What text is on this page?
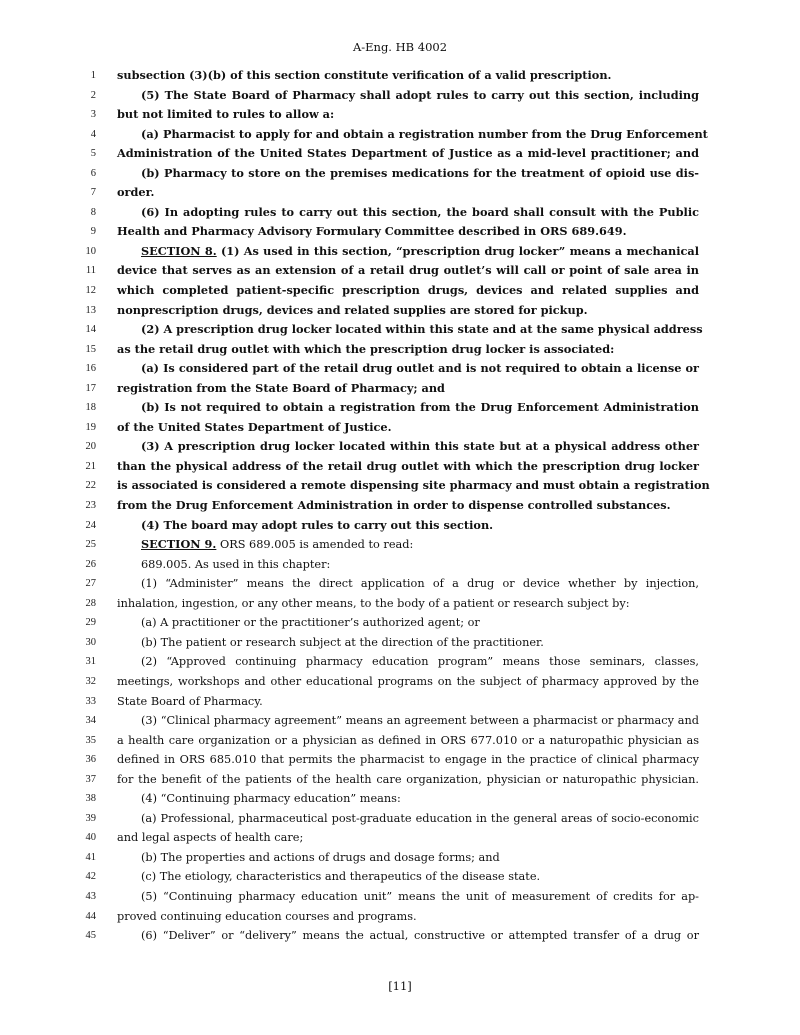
A-Eng. HB 4002
1 subsection (3)(b) of this section constitute verification of a valid prescription.
2	(5) The State Board of Pharmacy shall adopt rules to carry out this section, including
3 but not limited to rules to allow a:
4	(a) Pharmacist to apply for and obtain a registration number from the Drug Enforcement
5 Administration of the United States Department of Justice as a mid-level practitioner; and
6	(b) Pharmacy to store on the premises medications for the treatment of opioid use dis-
7 order.
8	(6) In adopting rules to carry out this section, the board shall consult with the Public
9 Health and Pharmacy Advisory Formulary Committee described in ORS 689.649.
10	SECTION 8. (1) As used in this section, “prescription drug locker” means a mechanical
11 device that serves as an extension of a retail drug outlet’s will call or point of sale area in
12 which completed patient-specific prescription drugs, devices and related supplies and
13 nonprescription drugs, devices and related supplies are stored for pickup.
14	(2) A prescription drug locker located within this state and at the same physical address
15 as the retail drug outlet with which the prescription drug locker is associated:
16	(a) Is considered part of the retail drug outlet and is not required to obtain a license or
17 registration from the State Board of Pharmacy; and
18	(b) Is not required to obtain a registration from the Drug Enforcement Administration
19 of the United States Department of Justice.
20	(3) A prescription drug locker located within this state but at a physical address other
21 than the physical address of the retail drug outlet with which the prescription drug locker
22 is associated is considered a remote dispensing site pharmacy and must obtain a registration
23 from the Drug Enforcement Administration in order to dispense controlled substances.
24	(4) The board may adopt rules to carry out this section.
25	SECTION 9. ORS 689.005 is amended to read:
26	689.005. As used in this chapter:
27	(1) “Administer” means the direct application of a drug or device whether by injection,
28 inhalation, ingestion, or any other means, to the body of a patient or research subject by:
29	(a) A practitioner or the practitioner’s authorized agent; or
30	(b) The patient or research subject at the direction of the practitioner.
31	(2) “Approved continuing pharmacy education program” means those seminars, classes,
32 meetings, workshops and other educational programs on the subject of pharmacy approved by the
33 State Board of Pharmacy.
34	(3) “Clinical pharmacy agreement” means an agreement between a pharmacist or pharmacy and
35 a health care organization or a physician as defined in ORS 677.010 or a naturopathic physician as
36 defined in ORS 685.010 that permits the pharmacist to engage in the practice of clinical pharmacy
37 for the benefit of the patients of the health care organization, physician or naturopathic physician.
38	(4) “Continuing pharmacy education” means:
39	(a) Professional, pharmaceutical post-graduate education in the general areas of socio-economic
40 and legal aspects of health care;
41	(b) The properties and actions of drugs and dosage forms; and
42	(c) The etiology, characteristics and therapeutics of the disease state.
43	(5) “Continuing pharmacy education unit” means the unit of measurement of credits for ap-
44 proved continuing education courses and programs.
45	(6) “Deliver” or “delivery” means the actual, constructive or attempted transfer of a drug or
[11]
